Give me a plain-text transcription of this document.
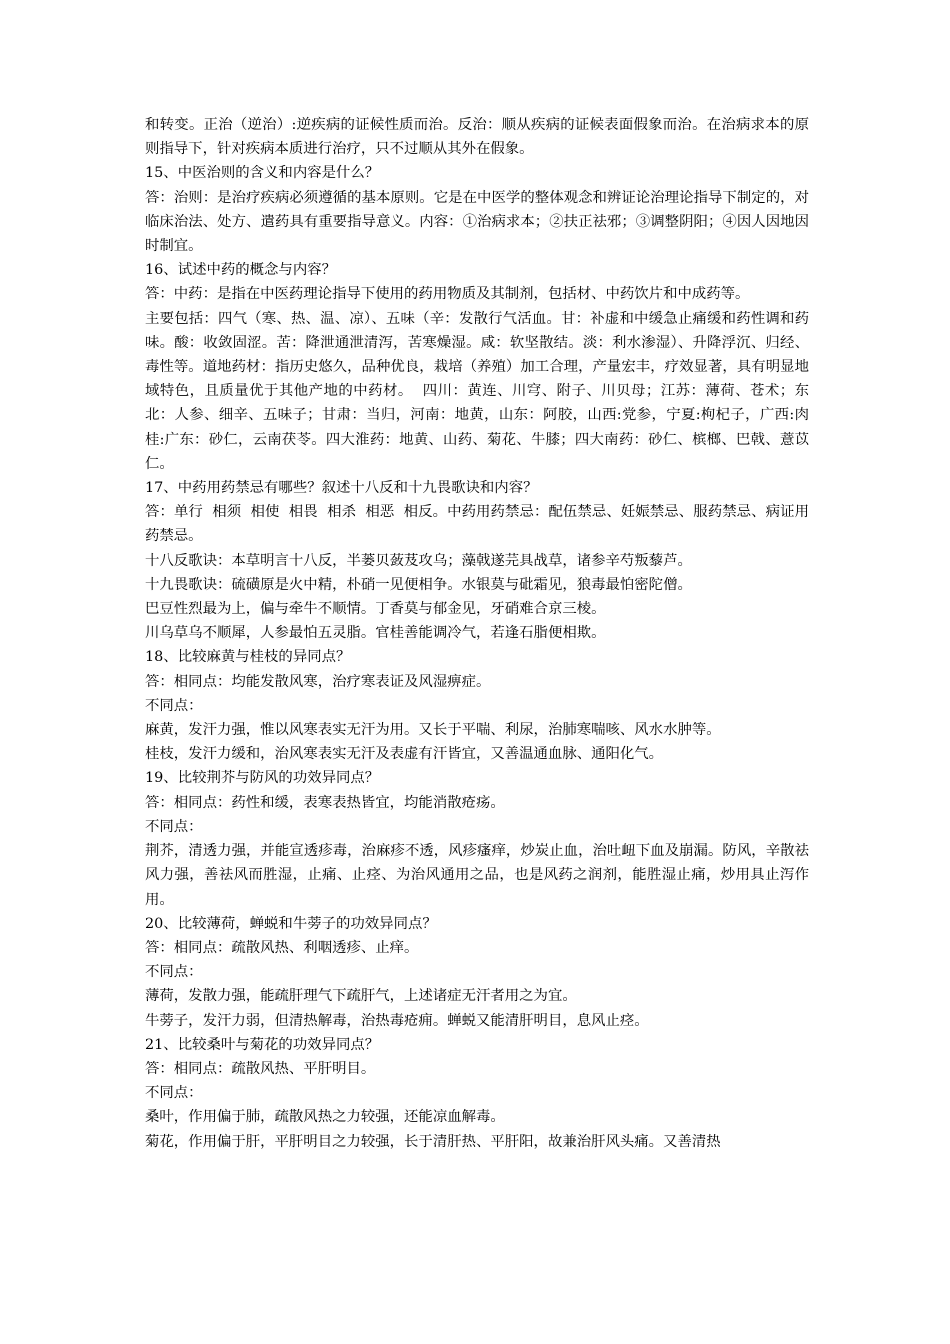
和转变。正治（逆治）:逆疾病的证候性质而治。反治：顺从疾病的证候表面假象而治。在治病求本的原则指导下，针对疾病本质进行治疗，只不过顺从其外在假象。

15、中医治则的含义和内容是什么？

答：治则：是治疗疾病必须遵循的基本原则。它是在中医学的整体观念和辨证论治理论指导下制定的，对临床治法、处方、遣药具有重要指导意义。内容：①治病求本；②扶正祛邪；③调整阴阳；④因人因地因时制宜。

16、试述中药的概念与内容？

答：中药：是指在中医药理论指导下使用的药用物质及其制剂，包括材、中药饮片和中成药等。

主要包括：四气（寒、热、温、凉）、五味（辛：发散行气活血。甘：补虚和中缓急止痛缓和药性调和药味。酸：收敛固涩。苦：降泄通泄清泻，苦寒燥湿。咸：软坚散结。淡：利水渗湿）、升降浮沉、归经、毒性等。道地药材：指历史悠久，品种优良，栽培（养殖）加工合理，产量宏丰，疗效显著，具有明显地域特色，且质量优于其他产地的中药材。  四川：黄连、川穹、附子、川贝母；江苏：薄荷、苍术；东北：人参、细辛、五味子；甘肃：当归，河南：地黄，山东：阿胶，山西:党参，宁夏:枸杞子，广西:肉桂:广东：砂仁，云南茯苓。四大淮药：地黄、山药、菊花、牛膝；四大南药：砂仁、槟榔、巴戟、薏苡仁。

17、中药用药禁忌有哪些？叙述十八反和十九畏歌诀和内容？

答：单行  相须  相使  相畏  相杀  相恶  相反。中药用药禁忌：配伍禁忌、妊娠禁忌、服药禁忌、病证用药禁忌。

十八反歌诀：本草明言十八反，半蒌贝蔹芨攻乌；藻戟遂芫具战草，诸参辛芍叛藜芦。

十九畏歌诀：硫磺原是火中精，朴硝一见便相争。水银莫与砒霜见，狼毒最怕密陀僧。

巴豆性烈最为上，偏与牵牛不顺情。丁香莫与郁金见，牙硝难合京三棱。

川乌草乌不顺犀，人参最怕五灵脂。官桂善能调冷气，若逢石脂便相欺。

18、比较麻黄与桂枝的异同点？

答：相同点：均能发散风寒，治疗寒表证及风湿痹症。

不同点：

麻黄，发汗力强，惟以风寒表实无汗为用。又长于平喘、利尿，治肺寒喘咳、风水水肿等。

桂枝，发汗力缓和，治风寒表实无汗及表虚有汗皆宜，又善温通血脉、通阳化气。

19、比较荆芥与防风的功效异同点？

答：相同点：药性和缓，表寒表热皆宜，均能消散疮疡。

不同点：

荆芥，清透力强，并能宣透疹毒，治麻疹不透，风疹瘙痒，炒炭止血，治吐衄下血及崩漏。防风，辛散祛风力强，善祛风而胜湿，止痛、止痉、为治风通用之品，也是风药之润剂，能胜湿止痛，炒用具止泻作用。

20、比较薄荷，蝉蜕和牛蒡子的功效异同点？

答：相同点：疏散风热、利咽透疹、止痒。

不同点：

薄荷，发散力强，能疏肝理气下疏肝气，上述诸症无汗者用之为宜。

牛蒡子，发汗力弱，但清热解毒，治热毒疮痈。蝉蜕又能清肝明目，息风止痉。

21、比较桑叶与菊花的功效异同点？

答：相同点：疏散风热、平肝明目。

不同点：

桑叶，作用偏于肺，疏散风热之力较强，还能凉血解毒。

菊花，作用偏于肝，平肝明目之力较强，长于清肝热、平肝阳，故兼治肝风头痛。又善清热
